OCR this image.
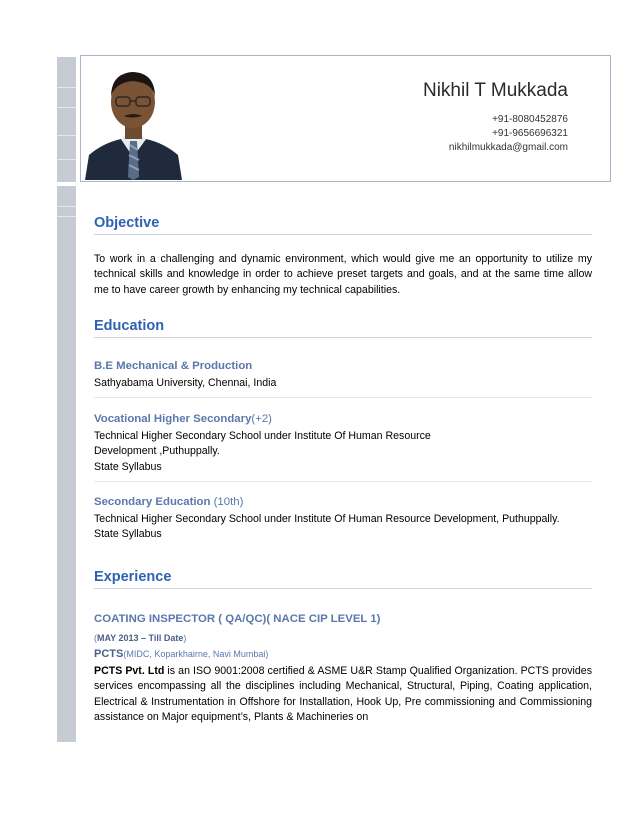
Nikhil T Mukkada
+91-8080452876
+91-9656696321
nikhilmukkada@gmail.com
Objective
To work in a challenging and dynamic environment, which would give me an opportunity to utilize my technical skills and knowledge in order to achieve preset targets and goals, and at the same time allow me to have career growth by enhancing my technical capabilities.
Education
B.E Mechanical & Production
Sathyabama University, Chennai, India
Vocational Higher Secondary(+2)
Technical Higher Secondary School under Institute Of Human Resource
Development ,Puthuppally.
State Syllabus
Secondary Education (10th)
Technical Higher Secondary School under Institute Of Human Resource Development, Puthuppally.
State Syllabus
Experience
COATING INSPECTOR ( QA/QC)( NACE CIP LEVEL 1)
(MAY 2013 – Till Date)
PCTS(MIDC, Koparkhairne, Navi Mumbai)
PCTS Pvt. Ltd is an ISO 9001:2008 certified & ASME U&R Stamp Qualified Organization. PCTS provides services encompassing all the disciplines including Mechanical, Structural, Piping, Coating application, Electrical & Instrumentation in Offshore for Installation, Hook Up, Pre commissioning and Commissioning assistance on Major equipment’s, Plants & Machineries on
